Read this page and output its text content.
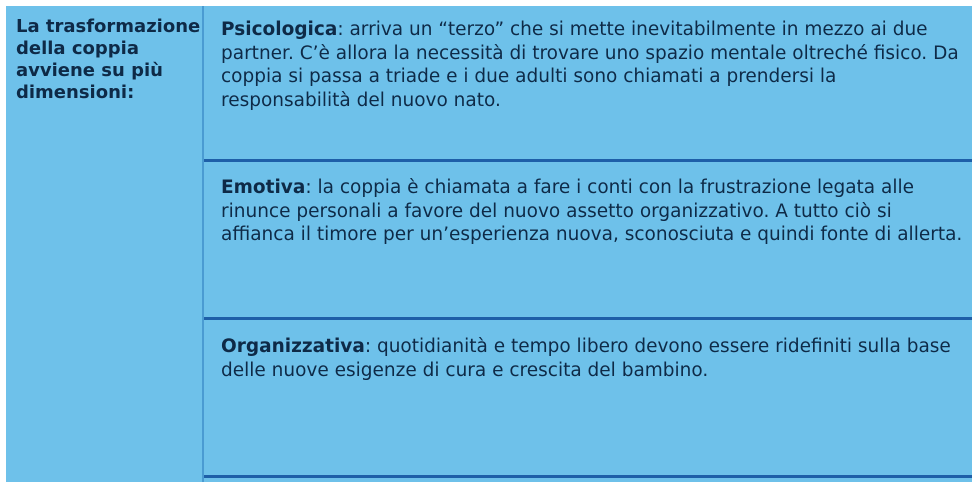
La trasformazione della coppia avviene su più dimensioni:
Psicologica: arriva un “terzo” che si mette inevitabilmente in mezzo ai due partner. C’è allora la necessità di trovare uno spazio mentale oltreché fisico. Da coppia si passa a triade e i due adulti sono chiamati a prendersi la responsabilità del nuovo nato.
Emotiva: la coppia è chiamata a fare i conti con la frustrazione legata alle rinunce personali a favore del nuovo assetto organizzativo. A tutto ciò si affianca il timore per un’esperienza nuova, sconosciuta e quindi fonte di allerta.
Organizzativa: quotidianità e tempo libero devono essere ridefiniti sulla base delle nuove esigenze di cura e crescita del bambino.
